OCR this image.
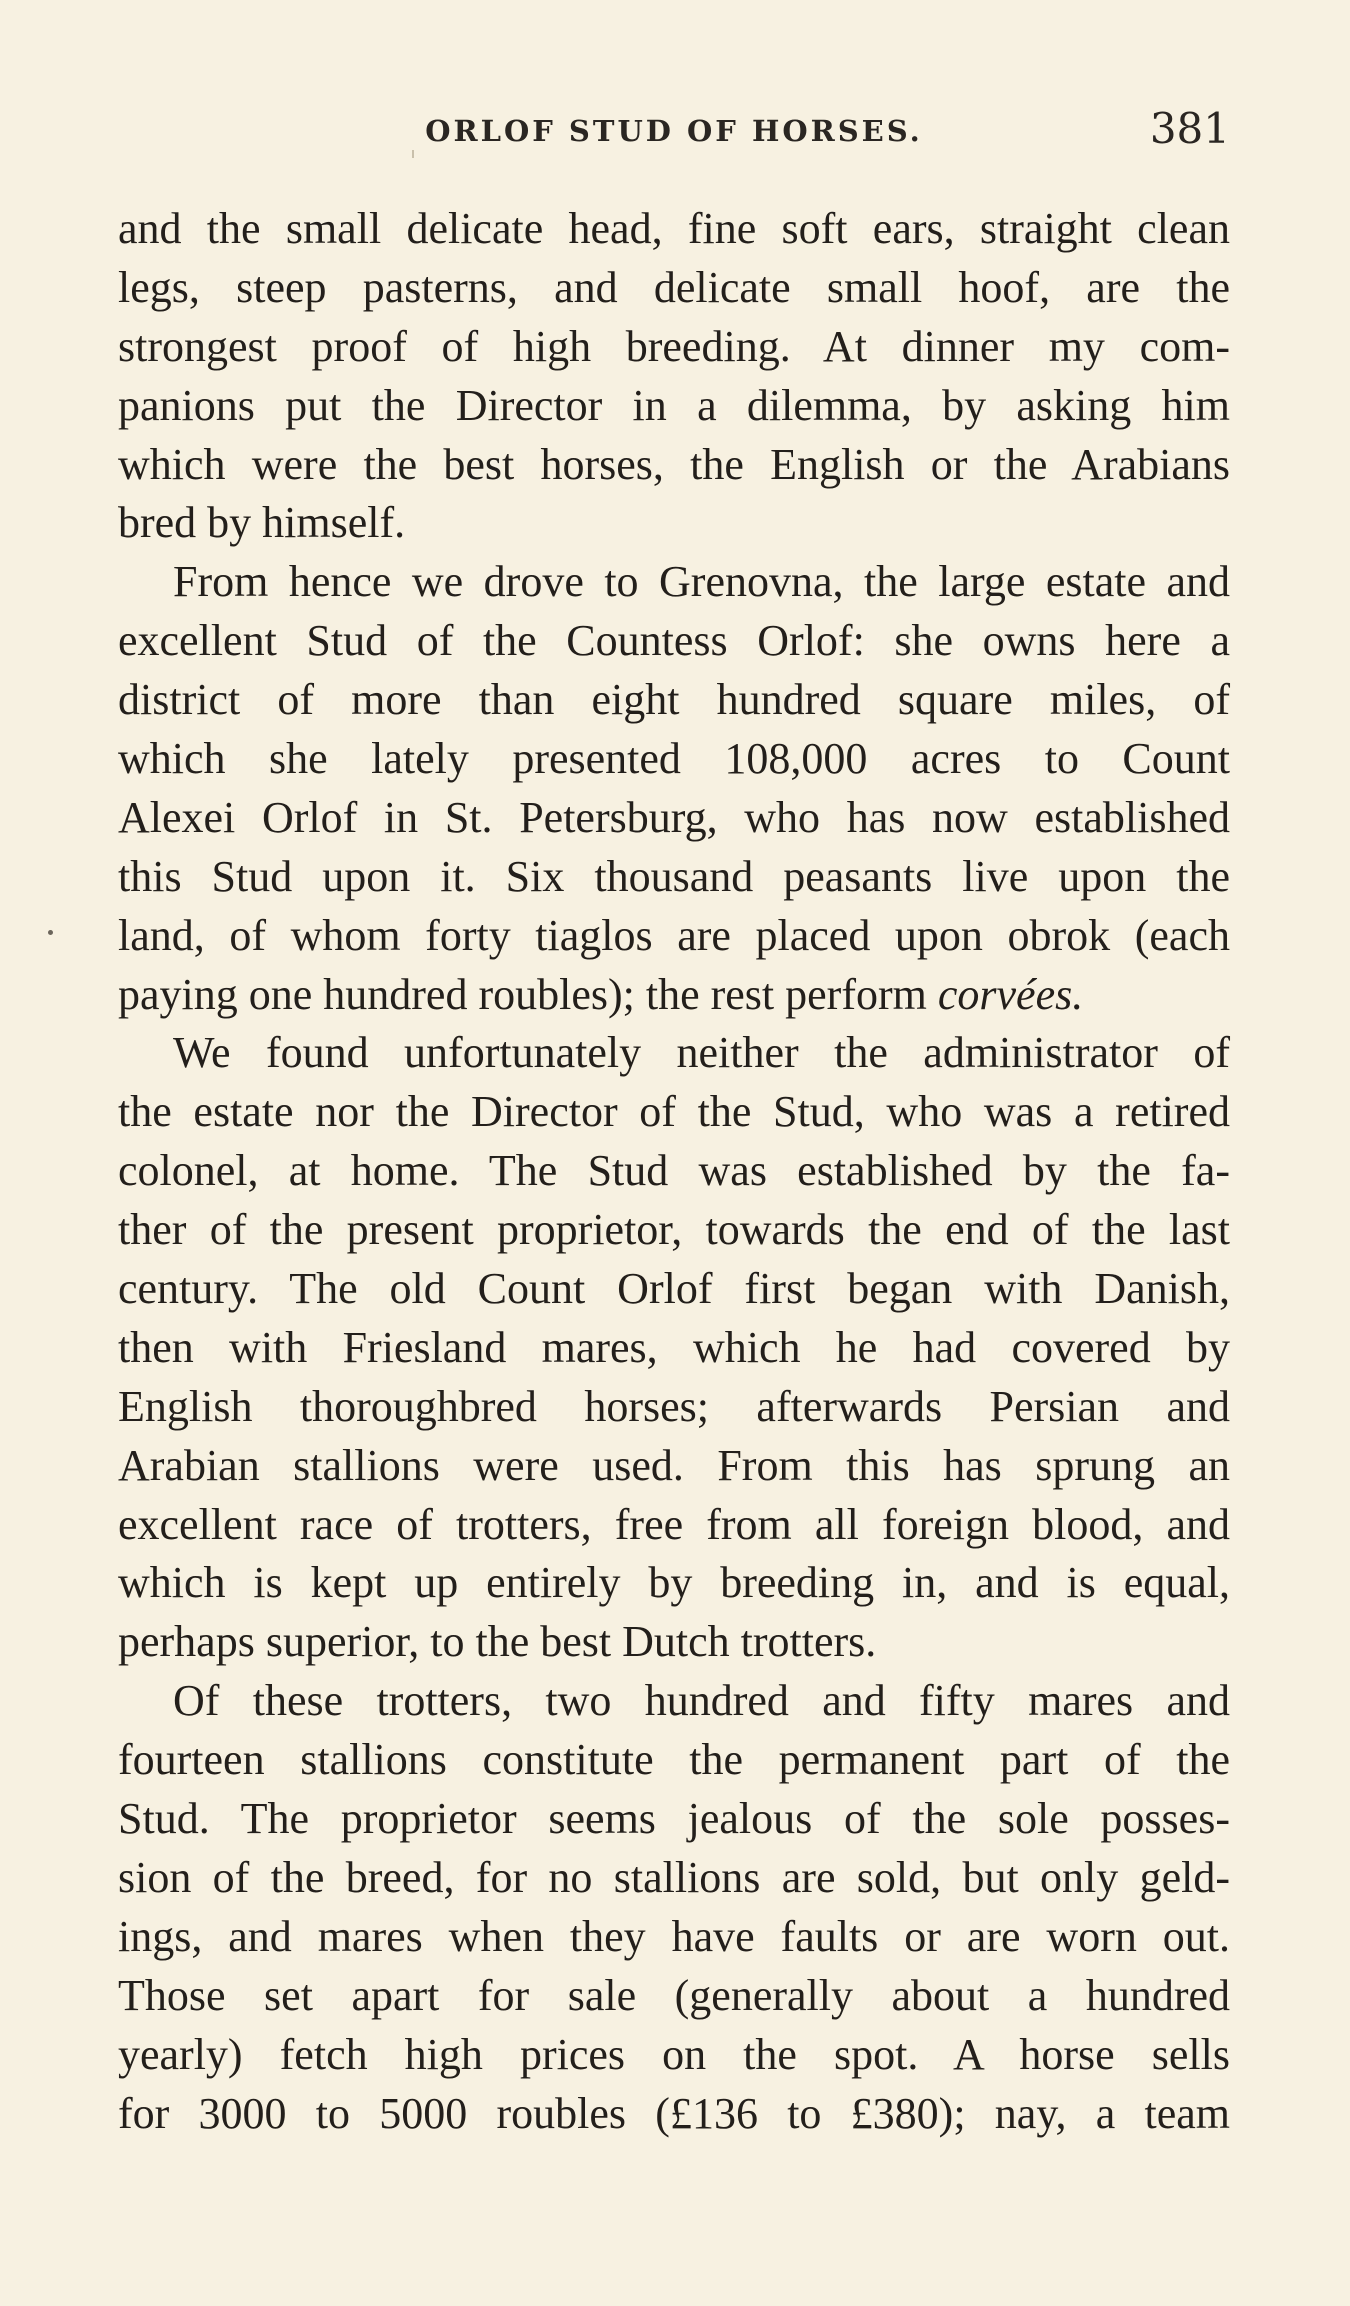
ORLOF STUD OF HORSES.	381
and the small delicate head, fine soft ears, straight clean
legs, steep pasterns, and delicate small hoof, are the
strongest proof of high breeding. At dinner my com-
panions put the Director in a dilemma, by asking him
which were the best horses, the English or the Arabians
bred by himself.
From hence we drove to Grenovna, the large estate and
excellent Stud of the Countess Orlof: she owns here a
district of more than eight hundred square miles, of
which she lately presented 108,000 acres to Count
Alexei Orlof in St. Petersburg, who has now established
this Stud upon it. Six thousand peasants live upon the
land, of whom forty tiaglos are placed upon obrok (each
paying one hundred roubles); the rest perform corvées.
We found unfortunately neither the administrator of
the estate nor the Director of the Stud, who was a retired
colonel, at home. The Stud was established by the fa-
ther of the present proprietor, towards the end of the last
century. The old Count Orlof first began with Danish,
then with Friesland mares, which he had covered by
English thoroughbred horses; afterwards Persian and
Arabian stallions were used. From this has sprung an
excellent race of trotters, free from all foreign blood, and
which is kept up entirely by breeding in, and is equal,
perhaps superior, to the best Dutch trotters.
Of these trotters, two hundred and fifty mares and
fourteen stallions constitute the permanent part of the
Stud. The proprietor seems jealous of the sole posses-
sion of the breed, for no stallions are sold, but only geld-
ings, and mares when they have faults or are worn out.
Those set apart for sale (generally about a hundred
yearly) fetch high prices on the spot. A horse sells
for 3000 to 5000 roubles (£136 to £380); nay, a team
